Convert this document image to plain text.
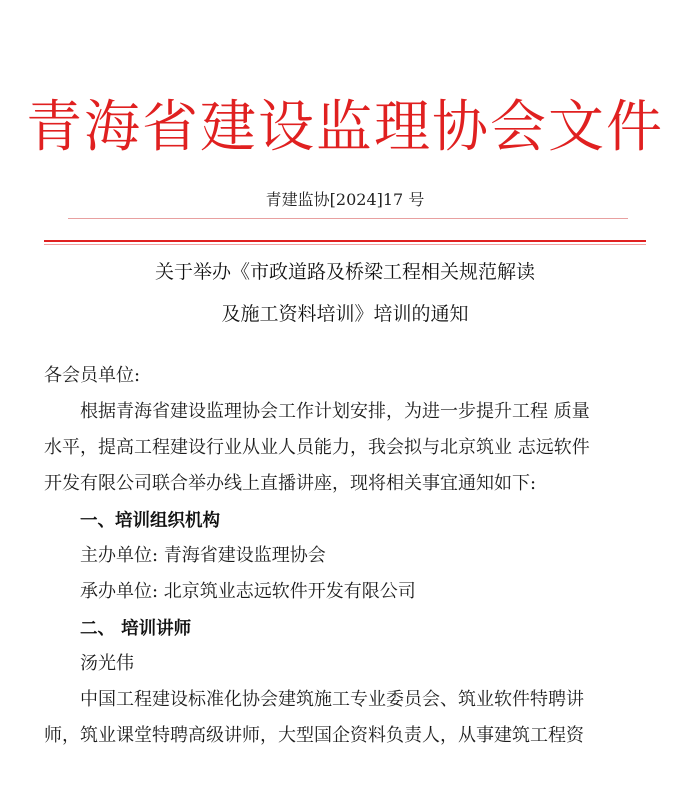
青海省建设监理协会文件
青建监协[2024]17 号
关于举办《市政道路及桥梁工程相关规范解读
及施工资料培训》培训的通知
各会员单位:
根据青海省建设监理协会工作计划安排，为进一步提升工程 质量
水平，提高工程建设行业从业人员能力，我会拟与北京筑业 志远软件
开发有限公司联合举办线上直播讲座，现将相关事宜通知如下:
一、培训组织机构
主办单位: 青海省建设监理协会
承办单位: 北京筑业志远软件开发有限公司
二、 培训讲师
汤光伟
中国工程建设标准化协会建筑施工专业委员会、筑业软件特聘讲
师，筑业课堂特聘高级讲师，大型国企资料负责人，从事建筑工程资
